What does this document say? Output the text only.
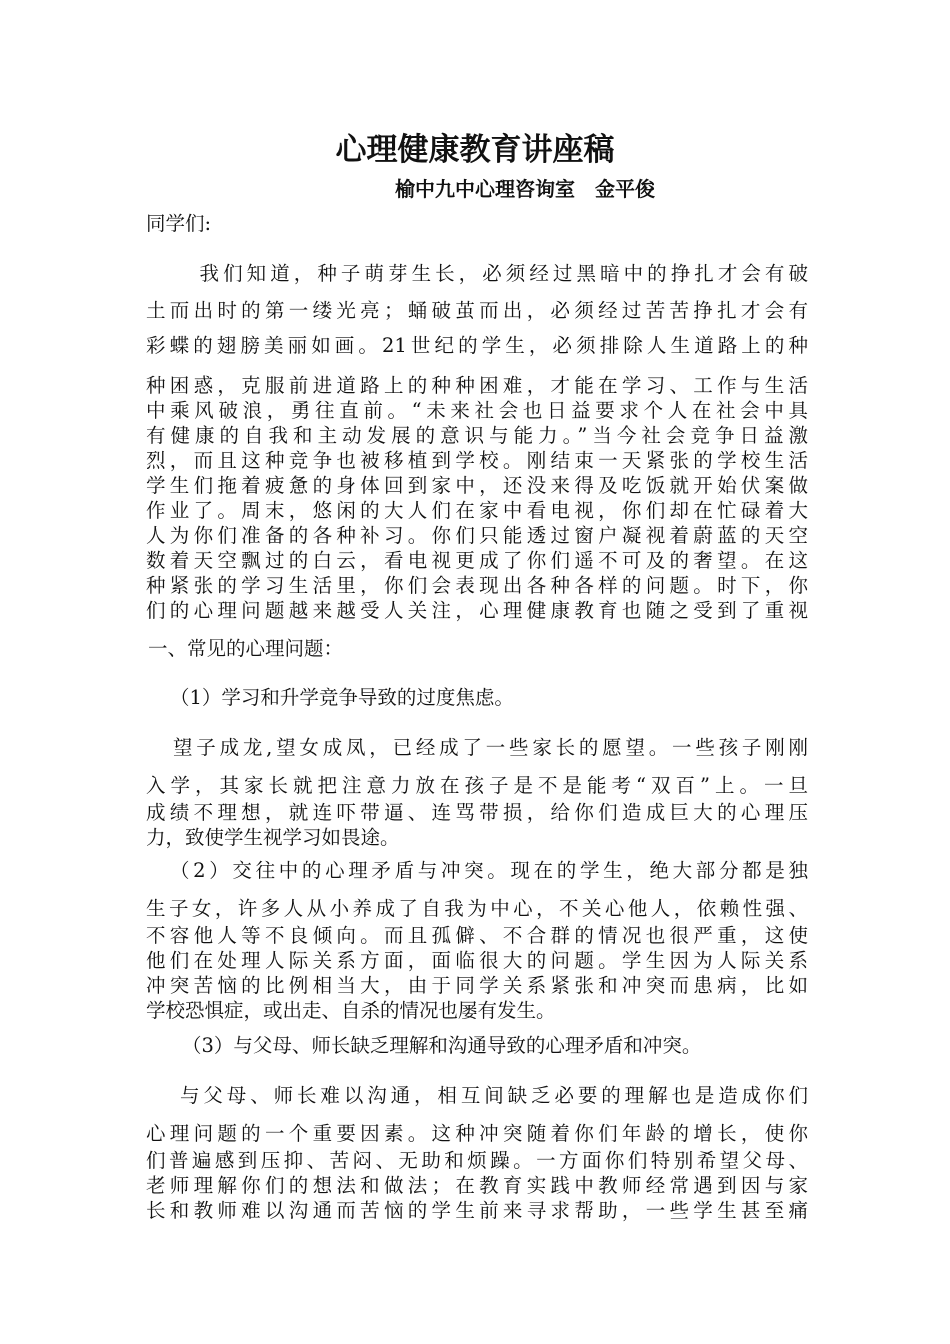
心理健康教育讲座稿
榆中九中心理咨询室　金平俊
同学们:
　我们知道，种子萌芽生长，必须经过黑暗中的挣扎才会有破
土而出时的第一缕光亮；蛹破茧而出，必须经过苦苦挣扎才会有
彩蝶的翅膀美丽如画。21世纪的学生，必须排除人生道路上的种
种困惑，克服前进道路上的种种困难，才能在学习、工作与生活
中乘风破浪，勇往直前。“未来社会也日益要求个人在社会中具
有健康的自我和主动发展的意识与能力。”当今社会竞争日益激
烈，而且这种竞争也被移植到学校。刚结束一天紧张的学校生活
学生们拖着疲惫的身体回到家中，还没来得及吃饭就开始伏案做
作业了。周末，悠闲的大人们在家中看电视，你们却在忙碌着大
人为你们准备的各种补习。你们只能透过窗户凝视着蔚蓝的天空
数着天空飘过的白云，看电视更成了你们遥不可及的奢望。在这
种紧张的学习生活里，你们会表现出各种各样的问题。时下，你
们的心理问题越来越受人关注，心理健康教育也随之受到了重视
一、常见的心理问题：
（1）学习和升学竞争导致的过度焦虑。
望子成龙,望女成凤，已经成了一些家长的愿望。一些孩子刚刚
入学，其家长就把注意力放在孩子是不是能考“双百”上。一旦
成绩不理想，就连吓带逼、连骂带损，给你们造成巨大的心理压
力，致使学生视学习如畏途。
（2）交往中的心理矛盾与冲突。现在的学生，绝大部分都是独
生子女，许多人从小养成了自我为中心，不关心他人，依赖性强、
不容他人等不良倾向。而且孤僻、不合群的情况也很严重，这使
他们在处理人际关系方面，面临很大的问题。学生因为人际关系
冲突苦恼的比例相当大，由于同学关系紧张和冲突而患病，比如
学校恐惧症，或出走、自杀的情况也屡有发生。
（3）与父母、师长缺乏理解和沟通导致的心理矛盾和冲突。
与父母、师长难以沟通，相互间缺乏必要的理解也是造成你们
心理问题的一个重要因素。这种冲突随着你们年龄的增长，使你
们普遍感到压抑、苦闷、无助和烦躁。一方面你们特别希望父母、
老师理解你们的想法和做法；在教育实践中教师经常遇到因与家
长和教师难以沟通而苦恼的学生前来寻求帮助，一些学生甚至痛
